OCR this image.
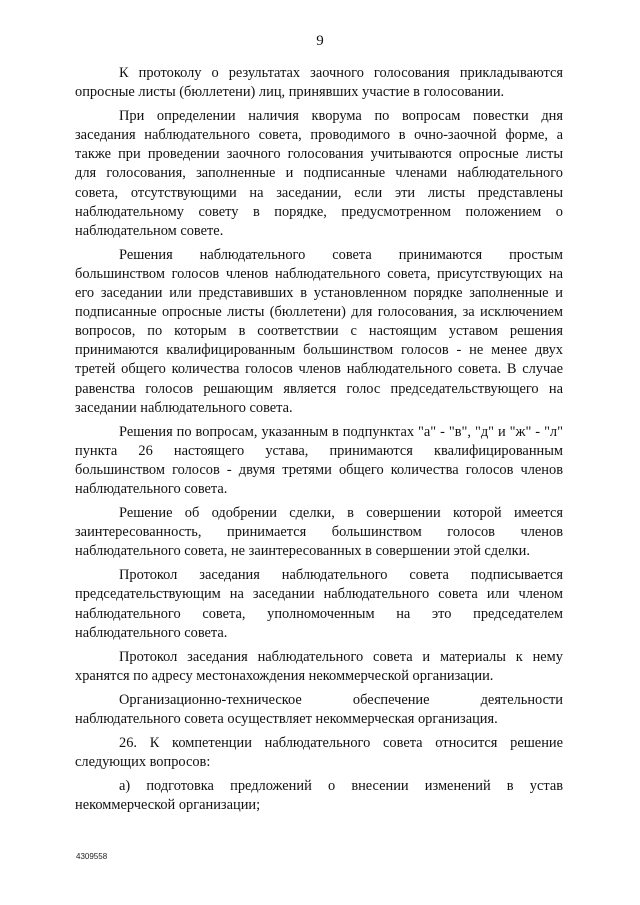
9

К протоколу о результатах заочного голосования прикладываются опросные листы (бюллетени) лиц, принявших участие в голосовании.

При определении наличия кворума по вопросам повестки дня заседания наблюдательного совета, проводимого в очно-заочной форме, а также при проведении заочного голосования учитываются опросные листы для голосования, заполненные и подписанные членами наблюдательного совета, отсутствующими на заседании, если эти листы представлены наблюдательному совету в порядке, предусмотренном положением о наблюдательном совете.

Решения наблюдательного совета принимаются простым большинством голосов членов наблюдательного совета, присутствующих на его заседании или представивших в установленном порядке заполненные и подписанные опросные листы (бюллетени) для голосования, за исключением вопросов, по которым в соответствии с настоящим уставом решения принимаются квалифицированным большинством голосов - не менее двух третей общего количества голосов членов наблюдательного совета. В случае равенства голосов решающим является голос председательствующего на заседании наблюдательного совета.

Решения по вопросам, указанным в подпунктах "а" - "в", "д" и "ж" - "л" пункта 26 настоящего устава, принимаются квалифицированным большинством голосов - двумя третями общего количества голосов членов наблюдательного совета.

Решение об одобрении сделки, в совершении которой имеется заинтересованность, принимается большинством голосов членов наблюдательного совета, не заинтересованных в совершении этой сделки.

Протокол заседания наблюдательного совета подписывается председательствующим на заседании наблюдательного совета или членом наблюдательного совета, уполномоченным на это председателем наблюдательного совета.

Протокол заседания наблюдательного совета и материалы к нему хранятся по адресу местонахождения некоммерческой организации.

Организационно-техническое обеспечение деятельности наблюдательного совета осуществляет некоммерческая организация.

26. К компетенции наблюдательного совета относится решение следующих вопросов:

а) подготовка предложений о внесении изменений в устав некоммерческой организации;

4309558
